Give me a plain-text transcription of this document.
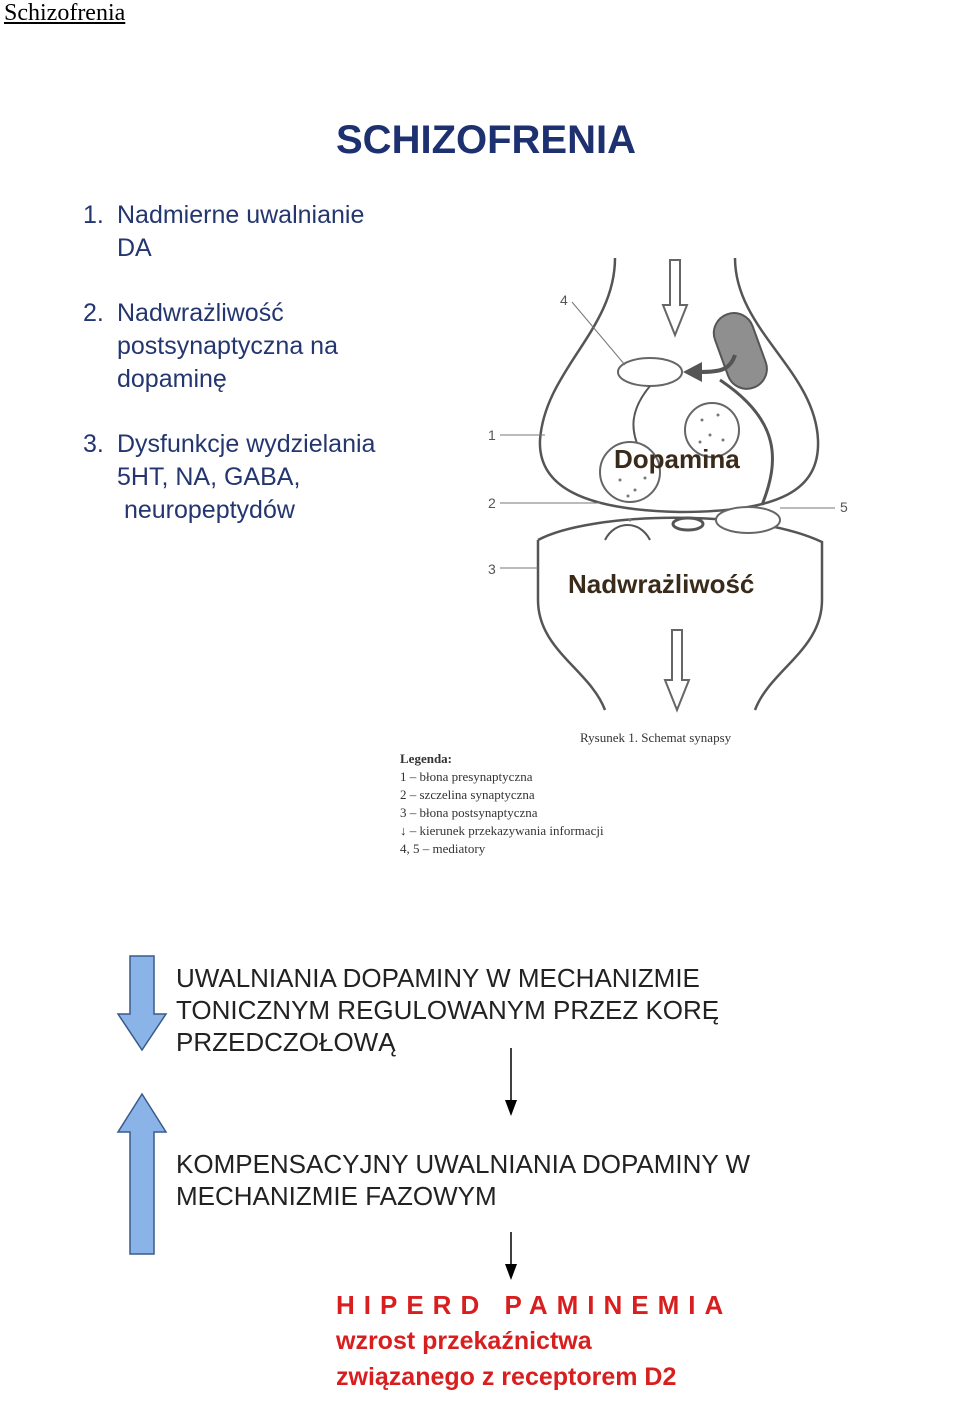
Schizofrenia
SCHIZOFRENIA
1. Nadmierne uwalnianie
DA
2. Nadwrażliwość
postsynaptyczna na
dopaminę
3. Dysfunkcje wydzielania
5HT, NA, GABA,
neuropeptydów
Dopamina
Nadwrażliwość
4
1
2
3
5
Rysunek 1. Schemat synapsy
Legenda:
1 – błona presynaptyczna
2 – szczelina synaptyczna
3 – błona postsynaptyczna
↓ – kierunek przekazywania informacji
4, 5 – mediatory
UWALNIANIA DOPAMINY W MECHANIZMIE
TONICZNYM REGULOWANYM PRZEZ KORĘ
PRZEDCZOŁOWĄ
KOMPENSACYJNY UWALNIANIA DOPAMINY W
MECHANIZMIE FAZOWYM
HIPERD PAMINEMIA
wzrost przekaźnictwa
związanego z receptorem D2
